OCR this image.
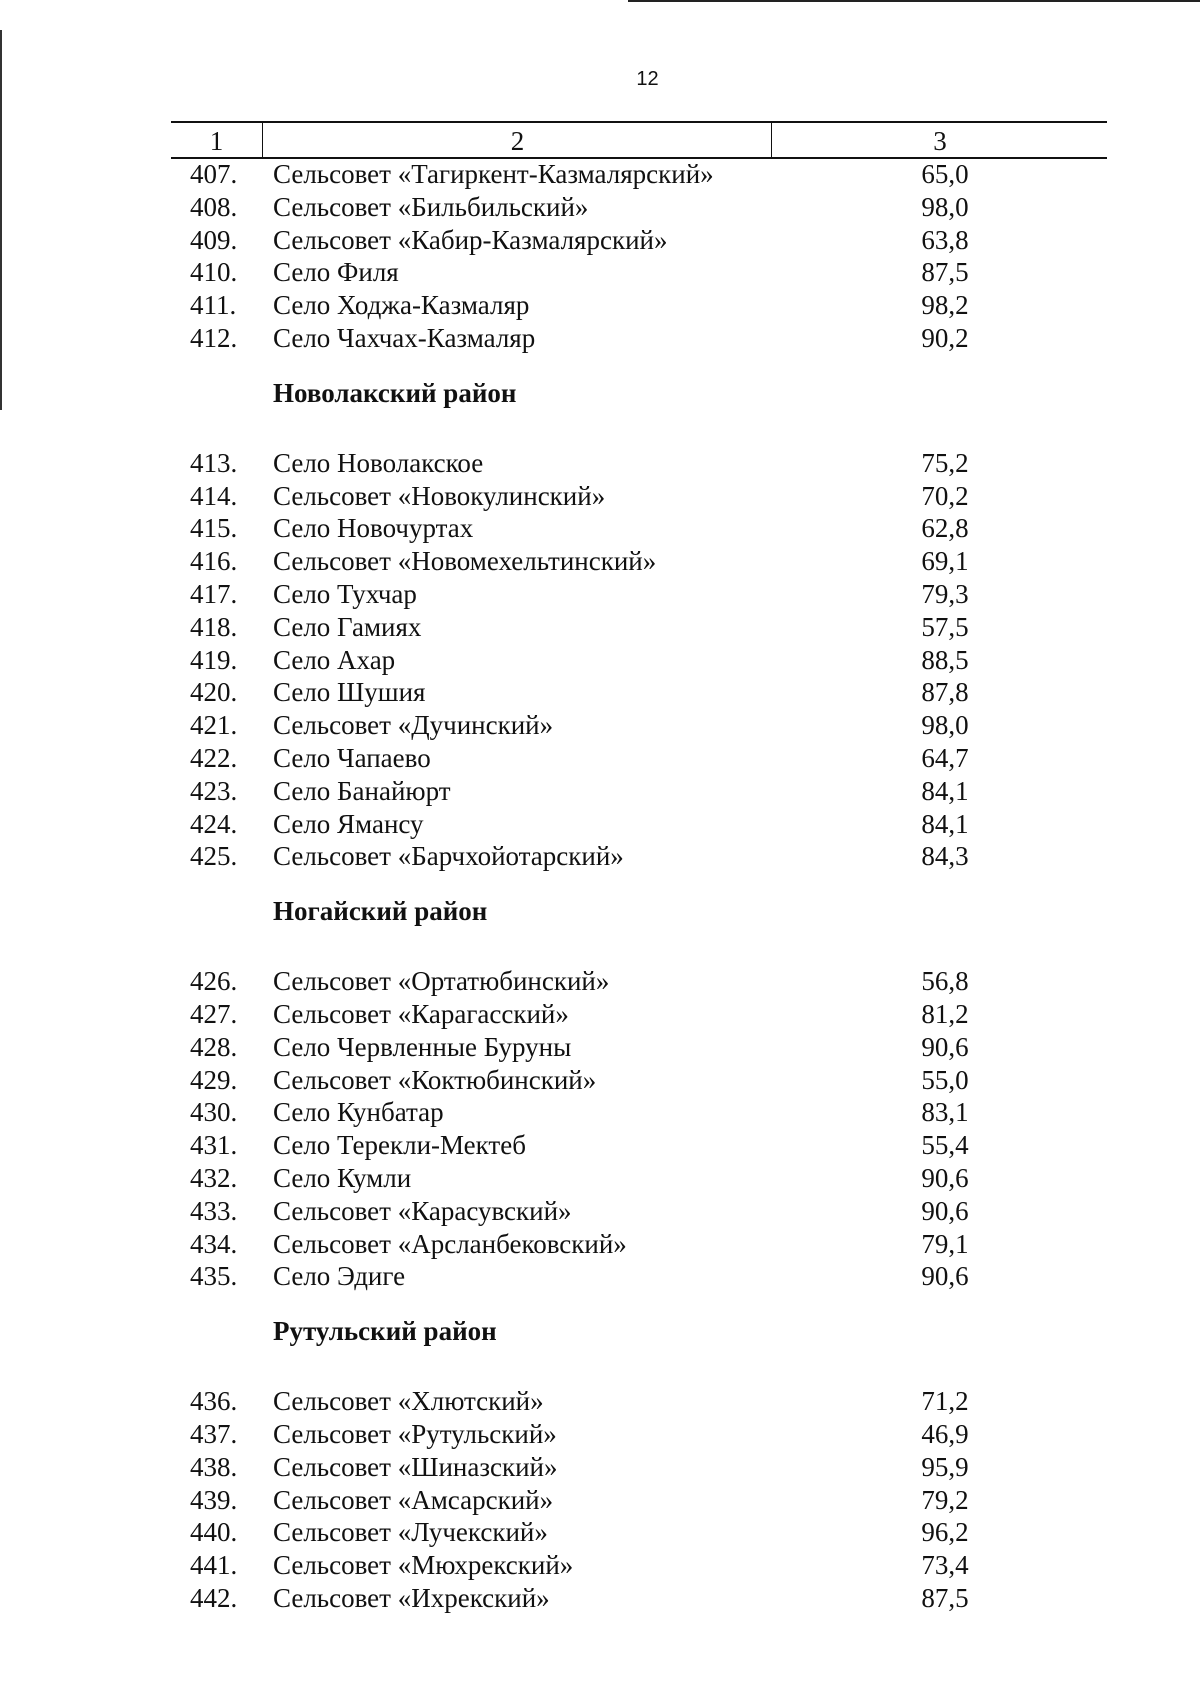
12
1	2	3
407.	Сельсовет «Тагиркент-Казмалярский»	65,0
408.	Сельсовет «Бильбильский»	98,0
409.	Сельсовет «Кабир-Казмалярский»	63,8
410.	Село Филя	87,5
411.	Село Ходжа-Казмаляр	98,2
412.	Село Чахчах-Казмаляр	90,2
Новолакский район
413.	Село Новолакское	75,2
414.	Сельсовет «Новокулинский»	70,2
415.	Село Новочуртах	62,8
416.	Сельсовет «Новомехельтинский»	69,1
417.	Село Тухчар	79,3
418.	Село Гамиях	57,5
419.	Село Ахар	88,5
420.	Село Шушия	87,8
421.	Сельсовет «Дучинский»	98,0
422.	Село Чапаево	64,7
423.	Село Банайюрт	84,1
424.	Село Ямансу	84,1
425.	Сельсовет «Барчхойотарский»	84,3
Ногайский район
426.	Сельсовет «Ортатюбинский»	56,8
427.	Сельсовет «Карагасский»	81,2
428.	Село Червленные Буруны	90,6
429.	Сельсовет «Коктюбинский»	55,0
430.	Село Кунбатар	83,1
431.	Село Терекли-Мектеб	55,4
432.	Село Кумли	90,6
433.	Сельсовет «Карасувский»	90,6
434.	Сельсовет «Арсланбековский»	79,1
435.	Село Эдиге	90,6
Рутульский район
436.	Сельсовет «Хлютский»	71,2
437.	Сельсовет «Рутульский»	46,9
438.	Сельсовет «Шиназский»	95,9
439.	Сельсовет «Амсарский»	79,2
440.	Сельсовет «Лучекский»	96,2
441.	Сельсовет «Мюхрекский»	73,4
442.	Сельсовет «Ихрекский»	87,5
